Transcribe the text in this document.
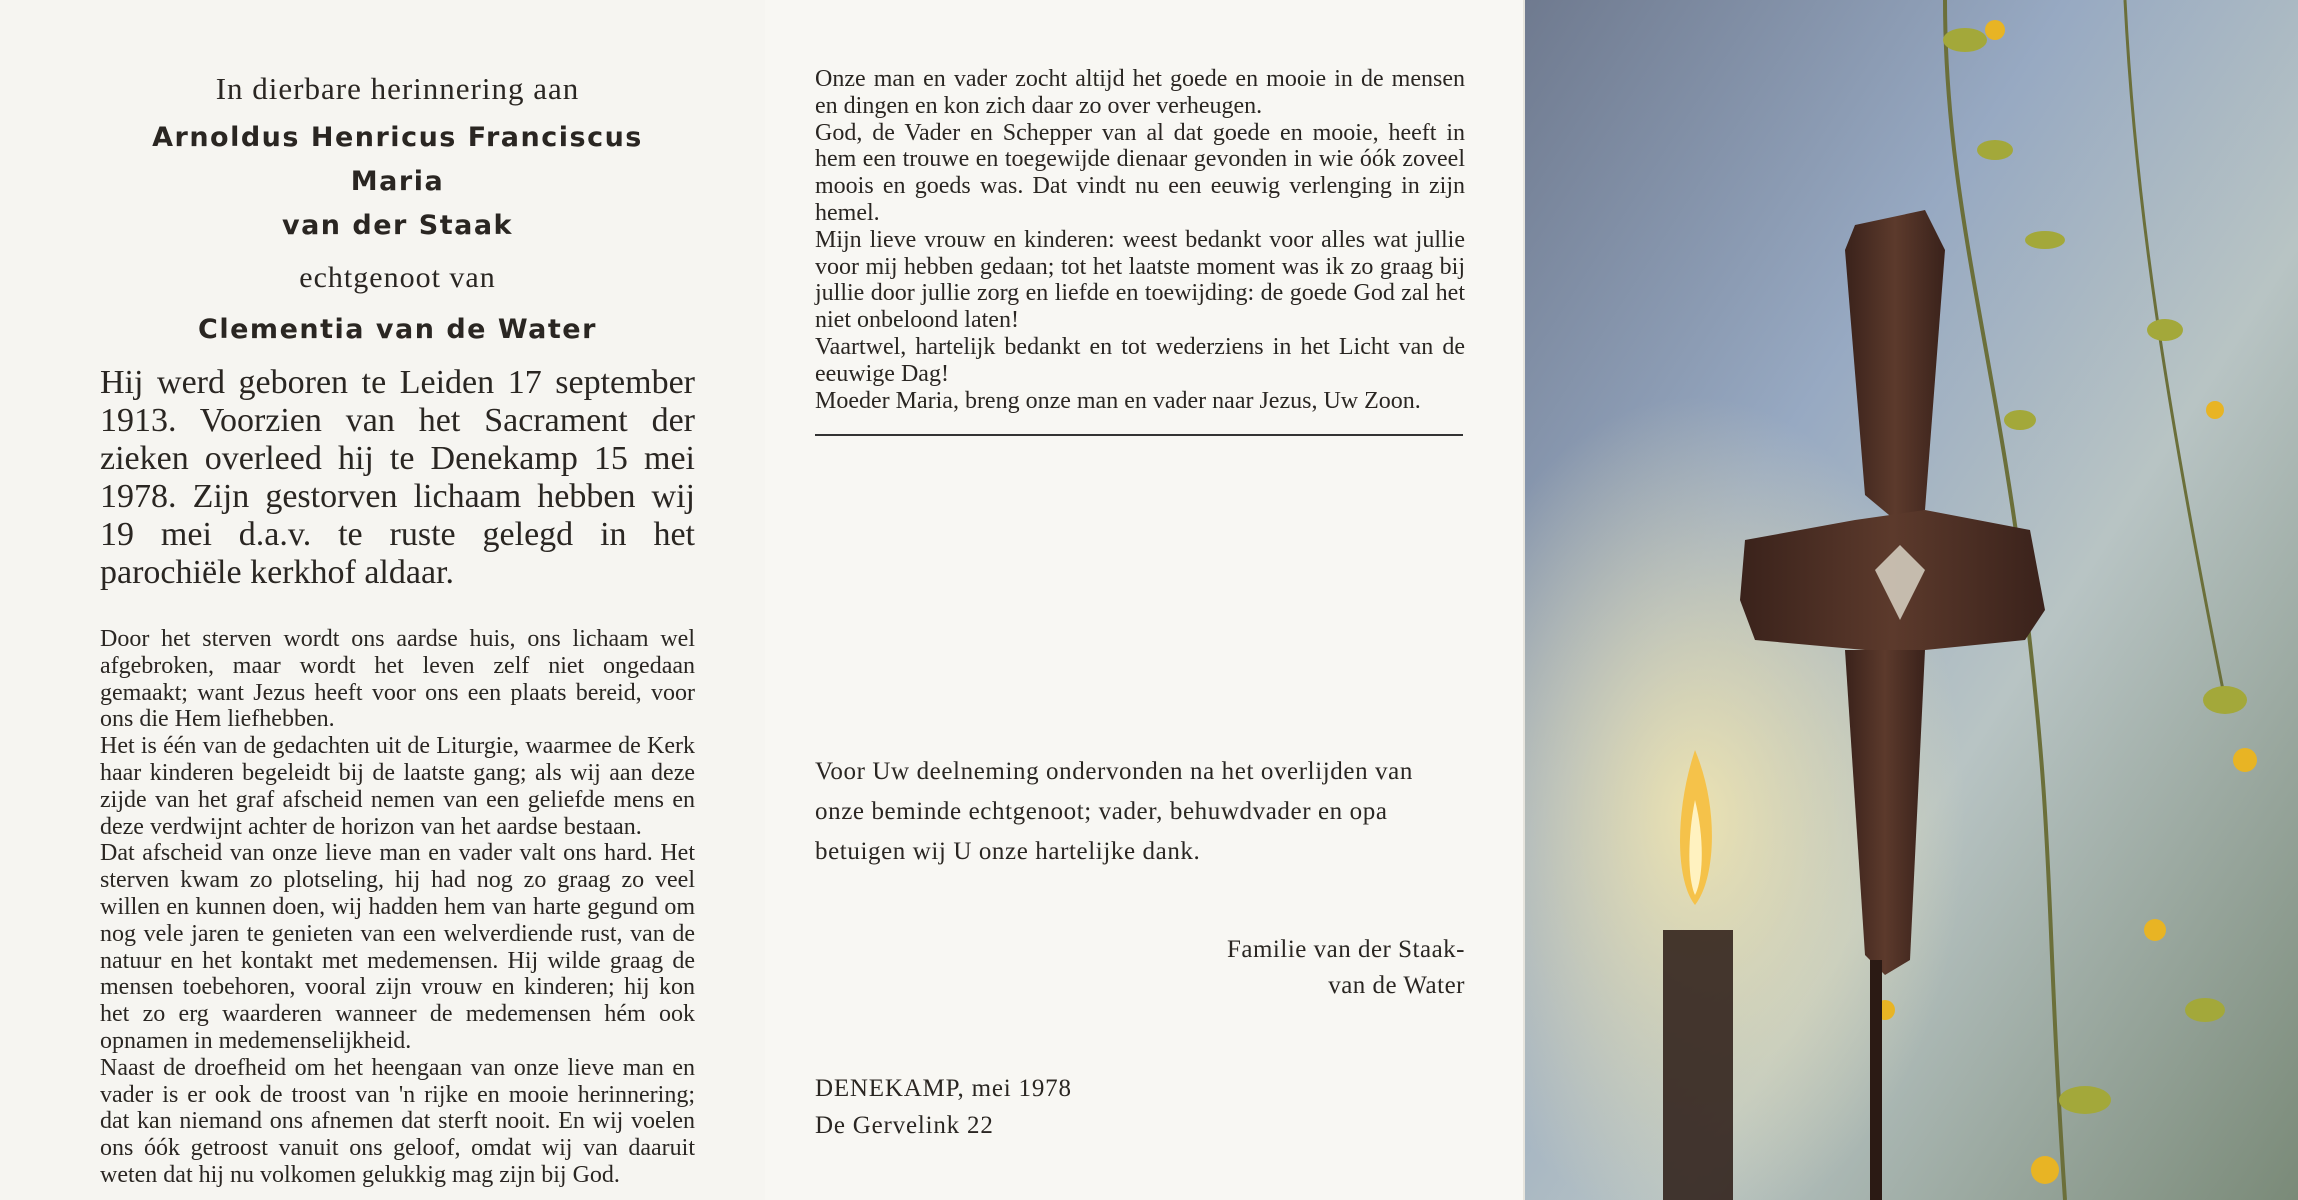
In dierbare herinnering aan
Arnoldus Henricus Franciscus Maria
van der Staak
echtgenoot van
Clementia van de Water

Hij werd geboren te Leiden 17 september 1913. Voorzien van het Sacrament der zieken overleed hij te Denekamp 15 mei 1978. Zijn gestorven lichaam hebben wij 19 mei d.a.v. te ruste gelegd in het parochiële kerkhof aldaar.

Door het sterven wordt ons aardse huis, ons lichaam wel afgebroken, maar wordt het leven zelf niet ongedaan gemaakt; want Jezus heeft voor ons een plaats bereid, voor ons die Hem liefhebben.

Het is één van de gedachten uit de Liturgie, waarmee de Kerk haar kinderen begeleidt bij de laatste gang; als wij aan deze zijde van het graf afscheid nemen van een geliefde mens en deze verdwijnt achter de horizon van het aardse bestaan.

Dat afscheid van onze lieve man en vader valt ons hard. Het sterven kwam zo plotseling, hij had nog zo graag zo veel willen en kunnen doen, wij hadden hem van harte gegund om nog vele jaren te genieten van een welverdiende rust, van de natuur en het kontakt met medemensen. Hij wilde graag de mensen toebehoren, vooral zijn vrouw en kinderen; hij kon het zo erg waarderen wanneer de medemensen hém ook opnamen in medemenselijkheid.

Naast de droefheid om het heengaan van onze lieve man en vader is er ook de troost van 'n rijke en mooie herinnering; dat kan niemand ons afnemen dat sterft nooit. En wij voelen ons óók getroost vanuit ons geloof, omdat wij van daaruit weten dat hij nu volkomen gelukkig mag zijn bij God.

Onze man en vader zocht altijd het goede en mooie in de mensen en dingen en kon zich daar zo over verheugen.

God, de Vader en Schepper van al dat goede en mooie, heeft in hem een trouwe en toegewijde dienaar gevonden in wie óók zoveel moois en goeds was. Dat vindt nu een eeuwig verlenging in zijn hemel.

Mijn lieve vrouw en kinderen: weest bedankt voor alles wat jullie voor mij hebben gedaan; tot het laatste moment was ik zo graag bij jullie door jullie zorg en liefde en toewijding: de goede God zal het niet onbeloond laten!

Vaartwel, hartelijk bedankt en tot wederziens in het Licht van de eeuwige Dag!

Moeder Maria, breng onze man en vader naar Jezus, Uw Zoon.

Voor Uw deelneming ondervonden na het overlijden van onze beminde echtgenoot; vader, behuwdvader en opa betuigen wij U onze hartelijke dank.
Familie van der Staak-
van de Water
DENEKAMP, mei 1978
De Gervelink 22
